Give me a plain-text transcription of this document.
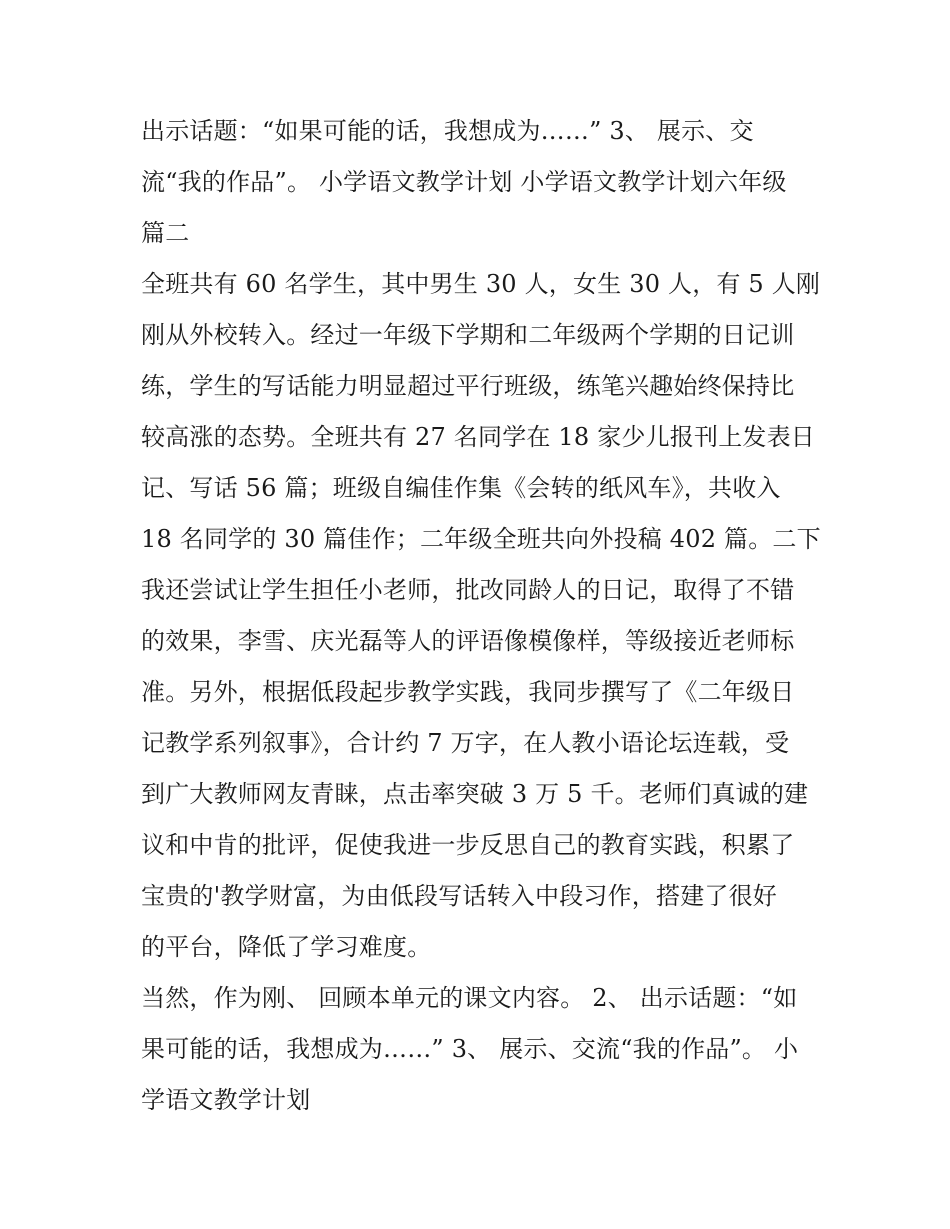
出示话题：“如果可能的话，我想成为……” 3、 展示、交
流“我的作品”。 小学语文教学计划 小学语文教学计划六年级
篇二

全班共有 60 名学生，其中男生 30 人，女生 30 人，有 5 人刚
刚从外校转入。经过一年级下学期和二年级两个学期的日记训
练，学生的写话能力明显超过平行班级，练笔兴趣始终保持比
较高涨的态势。全班共有 27 名同学在 18 家少儿报刊上发表日
记、写话 56 篇；班级自编佳作集《会转的纸风车》，共收入
18 名同学的 30 篇佳作；二年级全班共向外投稿 402 篇。二下
我还尝试让学生担任小老师，批改同龄人的日记，取得了不错
的效果，李雪、庆光磊等人的评语像模像样，等级接近老师标
准。另外，根据低段起步教学实践，我同步撰写了《二年级日
记教学系列叙事》，合计约 7 万字，在人教小语论坛连载，受
到广大教师网友青睐，点击率突破 3 万 5 千。老师们真诚的建
议和中肯的批评，促使我进一步反思自己的教育实践，积累了
宝贵的'教学财富，为由低段写话转入中段习作，搭建了很好
的平台，降低了学习难度。

当然，作为刚、 回顾本单元的课文内容。 2、 出示话题：“如
果可能的话，我想成为……” 3、 展示、交流“我的作品”。 小
学语文教学计划
